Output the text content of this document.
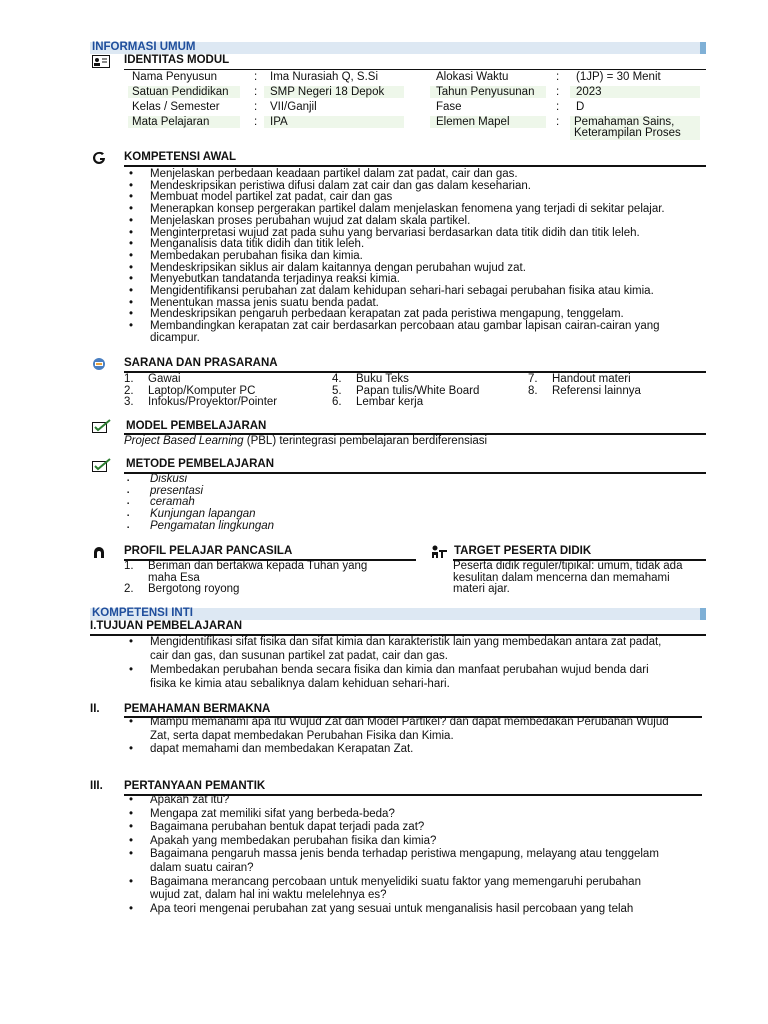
INFORMASI UMUM
IDENTITAS MODUL
Nama Penyusun	: Ima Nurasiah Q, S.Si	Alokasi Waktu	: (1JP) = 30 Menit
Satuan Pendidikan : SMP Negeri 18 Depok	Tahun Penyusunan : 2023
Kelas / Semester	: VII/Ganjil	Fase	: D
Mata Pelajaran	: IPA	Elemen Mapel	: Pemahaman Sains,
Keterampilan Proses
KOMPETENSI AWAL
• Menjelaskan perbedaan keadaan partikel dalam zat padat, cair dan gas.
• Mendeskripsikan peristiwa difusi dalam zat cair dan gas dalam keseharian.
• Membuat model partikel zat padat, cair dan gas
• Menerapkan konsep pergerakan partikel dalam menjelaskan fenomena yang terjadi di sekitar pelajar.
• Menjelaskan proses perubahan wujud zat dalam skala partikel.
• Menginterpretasi wujud zat pada suhu yang bervariasi berdasarkan data titik didih dan titik leleh.
• Menganalisis data titik didih dan titik leleh.
• Membedakan perubahan fisika dan kimia.
• Mendeskripsikan siklus air dalam kaitannya dengan perubahan wujud zat.
• Menyebutkan tandatanda terjadinya reaksi kimia.
• Mengidentifikansi perubahan zat dalam kehidupan sehari-hari sebagai perubahan fisika atau kimia.
• Menentukan massa jenis suatu benda padat.
• Mendeskripsikan pengaruh perbedaan kerapatan zat pada peristiwa mengapung, tenggelam.
• Membandingkan kerapatan zat cair berdasarkan percobaan atau gambar lapisan cairan-cairan yang
dicampur.
SARANA DAN PRASARANA
1. Gawai
2. Laptop/Komputer PC
3. Infokus/Proyektor/Pointer
4. Buku Teks
5. Papan tulis/White Board
6. Lembar kerja
7. Handout materi
8. Referensi lainnya
MODEL PEMBELAJARAN
Project Based Learning (PBL) terintegrasi pembelajaran berdiferensiasi
METODE PEMBELAJARAN
▪ Diskusi
▪ presentasi
▪ ceramah
▪ Kunjungan lapangan
▪ Pengamatan lingkungan
PROFIL PELAJAR PANCASILA
1. Beriman dan bertakwa kepada Tuhan yang
maha Esa
2. Bergotong royong
TARGET PESERTA DIDIK
Peserta didik reguler/tipikal: umum, tidak ada
kesulitan dalam mencerna dan memahami
materi ajar.
KOMPETENSI INTI
I.TUJUAN PEMBELAJARAN
• Mengidentifikasi sifat fisika dan sifat kimia dan karakteristik lain yang membedakan antara zat padat,
cair dan gas, dan susunan partikel zat padat, cair dan gas.
• Membedakan perubahan benda secara fisika dan kimia dan manfaat perubahan wujud benda dari
fisika ke kimia atau sebaliknya dalam kehiduan sehari-hari.
II. PEMAHAMAN BERMAKNA
• Mampu memahami apa itu Wujud Zat dan Model Partikel? dan dapat membedakan Perubahan Wujud
Zat, serta dapat membedakan Perubahan Fisika dan Kimia.
• dapat memahami dan membedakan Kerapatan Zat.
III. PERTANYAAN PEMANTIK
• Apakah zat itu?
• Mengapa zat memiliki sifat yang berbeda-beda?
• Bagaimana perubahan bentuk dapat terjadi pada zat?
• Apakah yang membedakan perubahan fisika dan kimia?
• Bagaimana pengaruh massa jenis benda terhadap peristiwa mengapung, melayang atau tenggelam
dalam suatu cairan?
• Bagaimana merancang percobaan untuk menyelidiki suatu faktor yang memengaruhi perubahan
wujud zat, dalam hal ini waktu melelehnya es?
• Apa teori mengenai perubahan zat yang sesuai untuk menganalisis hasil percobaan yang telah
